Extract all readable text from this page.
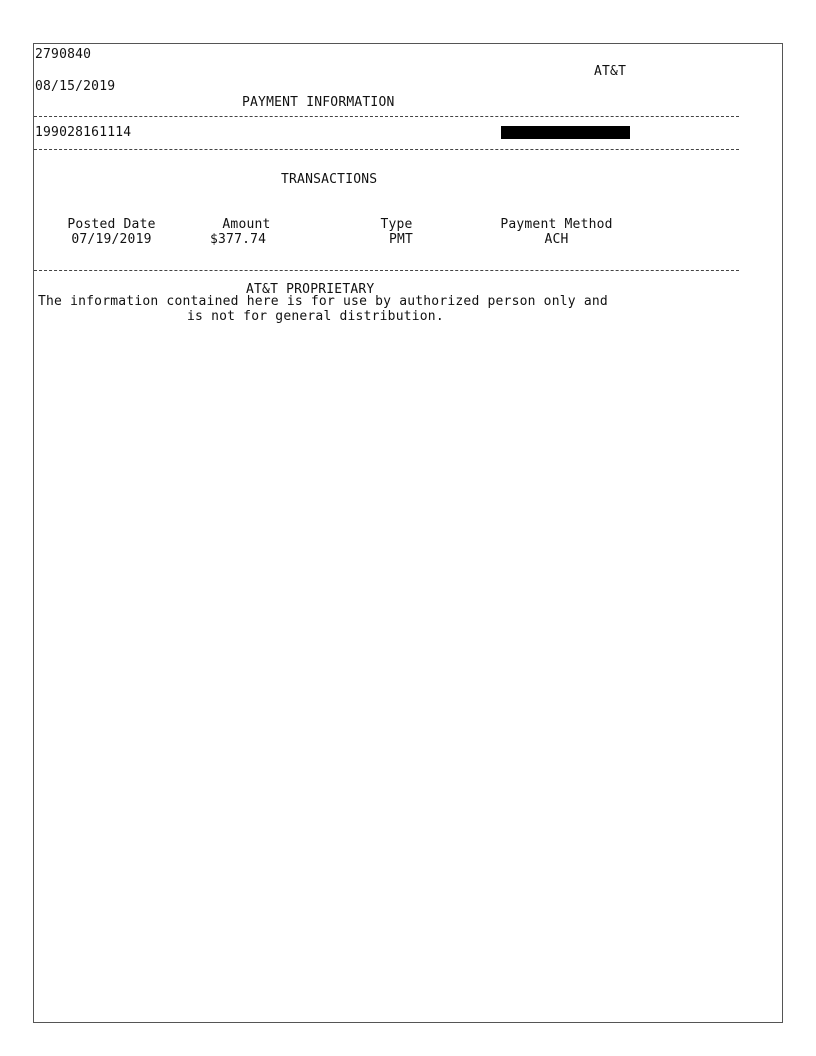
2790840
AT&T
08/15/2019
PAYMENT INFORMATION
199028161114
TRANSACTIONS
Posted Date	Amount	Type	Payment Method
07/19/2019	$377.74	PMT	ACH
AT&T PROPRIETARY
The information contained here is for use by authorized person only and
is not for general distribution.
